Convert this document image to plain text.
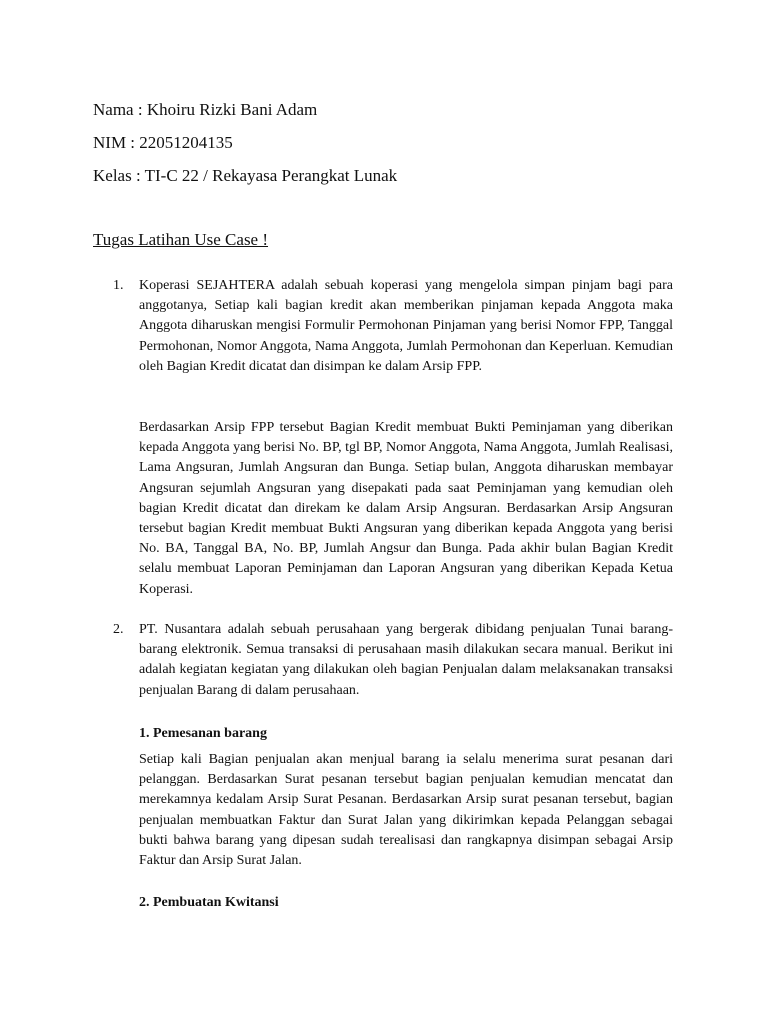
Nama : Khoiru Rizki Bani Adam
NIM : 22051204135
Kelas : TI-C 22 / Rekayasa Perangkat Lunak
Tugas Latihan Use Case !
1. Koperasi SEJAHTERA adalah sebuah koperasi yang mengelola simpan pinjam bagi para anggotanya, Setiap kali bagian kredit akan memberikan pinjaman kepada Anggota maka Anggota diharuskan mengisi Formulir Permohonan Pinjaman yang berisi Nomor FPP, Tanggal Permohonan, Nomor Anggota, Nama Anggota, Jumlah Permohonan dan Keperluan. Kemudian oleh Bagian Kredit dicatat dan disimpan ke dalam Arsip FPP.

Berdasarkan Arsip FPP tersebut Bagian Kredit membuat Bukti Peminjaman yang diberikan kepada Anggota yang berisi No. BP, tgl BP, Nomor Anggota, Nama Anggota, Jumlah Realisasi, Lama Angsuran, Jumlah Angsuran dan Bunga. Setiap bulan, Anggota diharuskan membayar Angsuran sejumlah Angsuran yang disepakati pada saat Peminjaman yang kemudian oleh bagian Kredit dicatat dan direkam ke dalam Arsip Angsuran. Berdasarkan Arsip Angsuran tersebut bagian Kredit membuat Bukti Angsuran yang diberikan kepada Anggota yang berisi No. BA, Tanggal BA, No. BP, Jumlah Angsur dan Bunga. Pada akhir bulan Bagian Kredit selalu membuat Laporan Peminjaman dan Laporan Angsuran yang diberikan Kepada Ketua Koperasi.

2. PT. Nusantara adalah sebuah perusahaan yang bergerak dibidang penjualan Tunai barang-barang elektronik. Semua transaksi di perusahaan masih dilakukan secara manual. Berikut ini adalah kegiatan kegiatan yang dilakukan oleh bagian Penjualan dalam melaksanakan transaksi penjualan Barang di dalam perusahaan.

1. Pemesanan barang

Setiap kali Bagian penjualan akan menjual barang ia selalu menerima surat pesanan dari pelanggan. Berdasarkan Surat pesanan tersebut bagian penjualan kemudian mencatat dan merekamnya kedalam Arsip Surat Pesanan. Berdasarkan Arsip surat pesanan tersebut, bagian penjualan membuatkan Faktur dan Surat Jalan yang dikirimkan kepada Pelanggan sebagai bukti bahwa barang yang dipesan sudah terealisasi dan rangkapnya disimpan sebagai Arsip Faktur dan Arsip Surat Jalan.

2. Pembuatan Kwitansi
